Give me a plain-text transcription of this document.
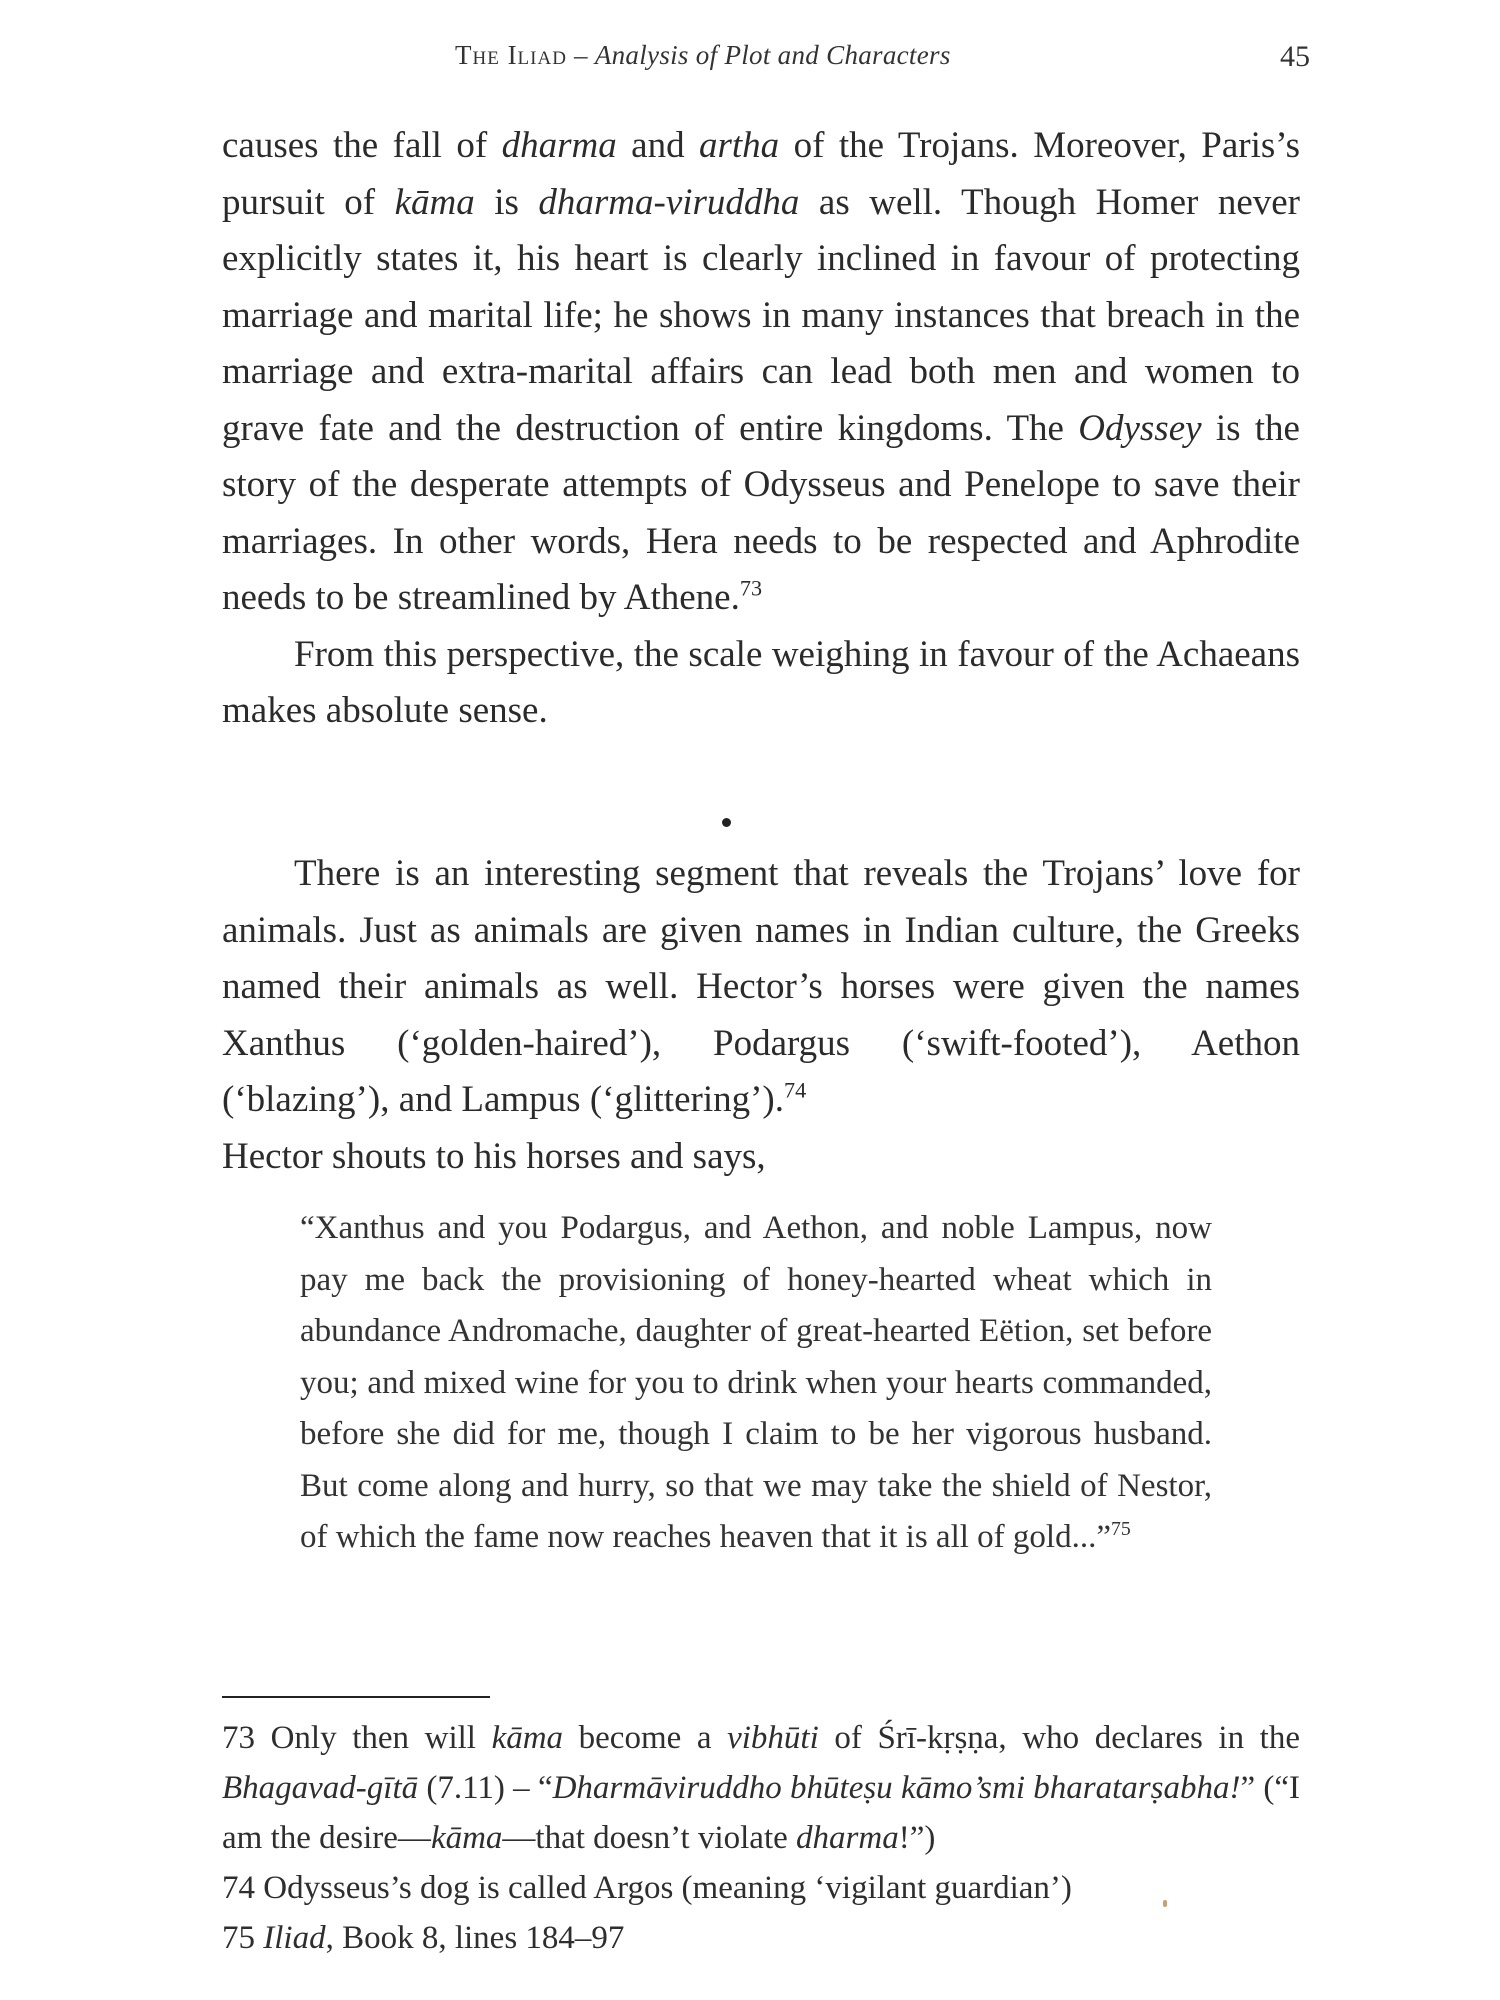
The Iliad – Analysis of Plot and Characters	45

causes the fall of dharma and artha of the Trojans. Moreover, Paris’s pursuit of kāma is dharma-viruddha as well. Though Homer never explicitly states it, his heart is clearly inclined in favour of protecting marriage and marital life; he shows in many instances that breach in the marriage and extra-marital affairs can lead both men and women to grave fate and the destruction of entire kingdoms. The Odyssey is the story of the desperate attempts of Odysseus and Penelope to save their marriages. In other words, Hera needs to be respected and Aphrodite needs to be streamlined by Athene.$^{73}$

From this perspective, the scale weighing in favour of the Achaeans makes absolute sense.

There is an interesting segment that reveals the Trojans’ love for animals. Just as animals are given names in Indian culture, the Greeks named their animals as well. Hector’s horses were given the names Xanthus (‘golden-haired’), Podargus (‘swift-footed’), Aethon (‘blazing’), and Lampus (‘glittering’).$^{74}$

Hector shouts to his horses and says,

“Xanthus and you Podargus, and Aethon, and noble Lampus, now pay me back the provisioning of honey-hearted wheat which in abundance Andromache, daughter of great-hearted Eëtion, set before you; and mixed wine for you to drink when your hearts commanded, before she did for me, though I claim to be her vigorous husband. But come along and hurry, so that we may take the shield of Nestor, of which the fame now reaches heaven that it is all of gold...”$^{75}$

73 Only then will kāma become a vibhūti of Śrī-kṛṣṇa, who declares in the Bhagavad-gītā (7.11) – “Dharmāviruddho bhūteṣu kāmo’smi bharatarṣabha!” (“I am the desire—kāma—that doesn’t violate dharma!”)

74 Odysseus’s dog is called Argos (meaning ‘vigilant guardian’)

75 Iliad, Book 8, lines 184–97
